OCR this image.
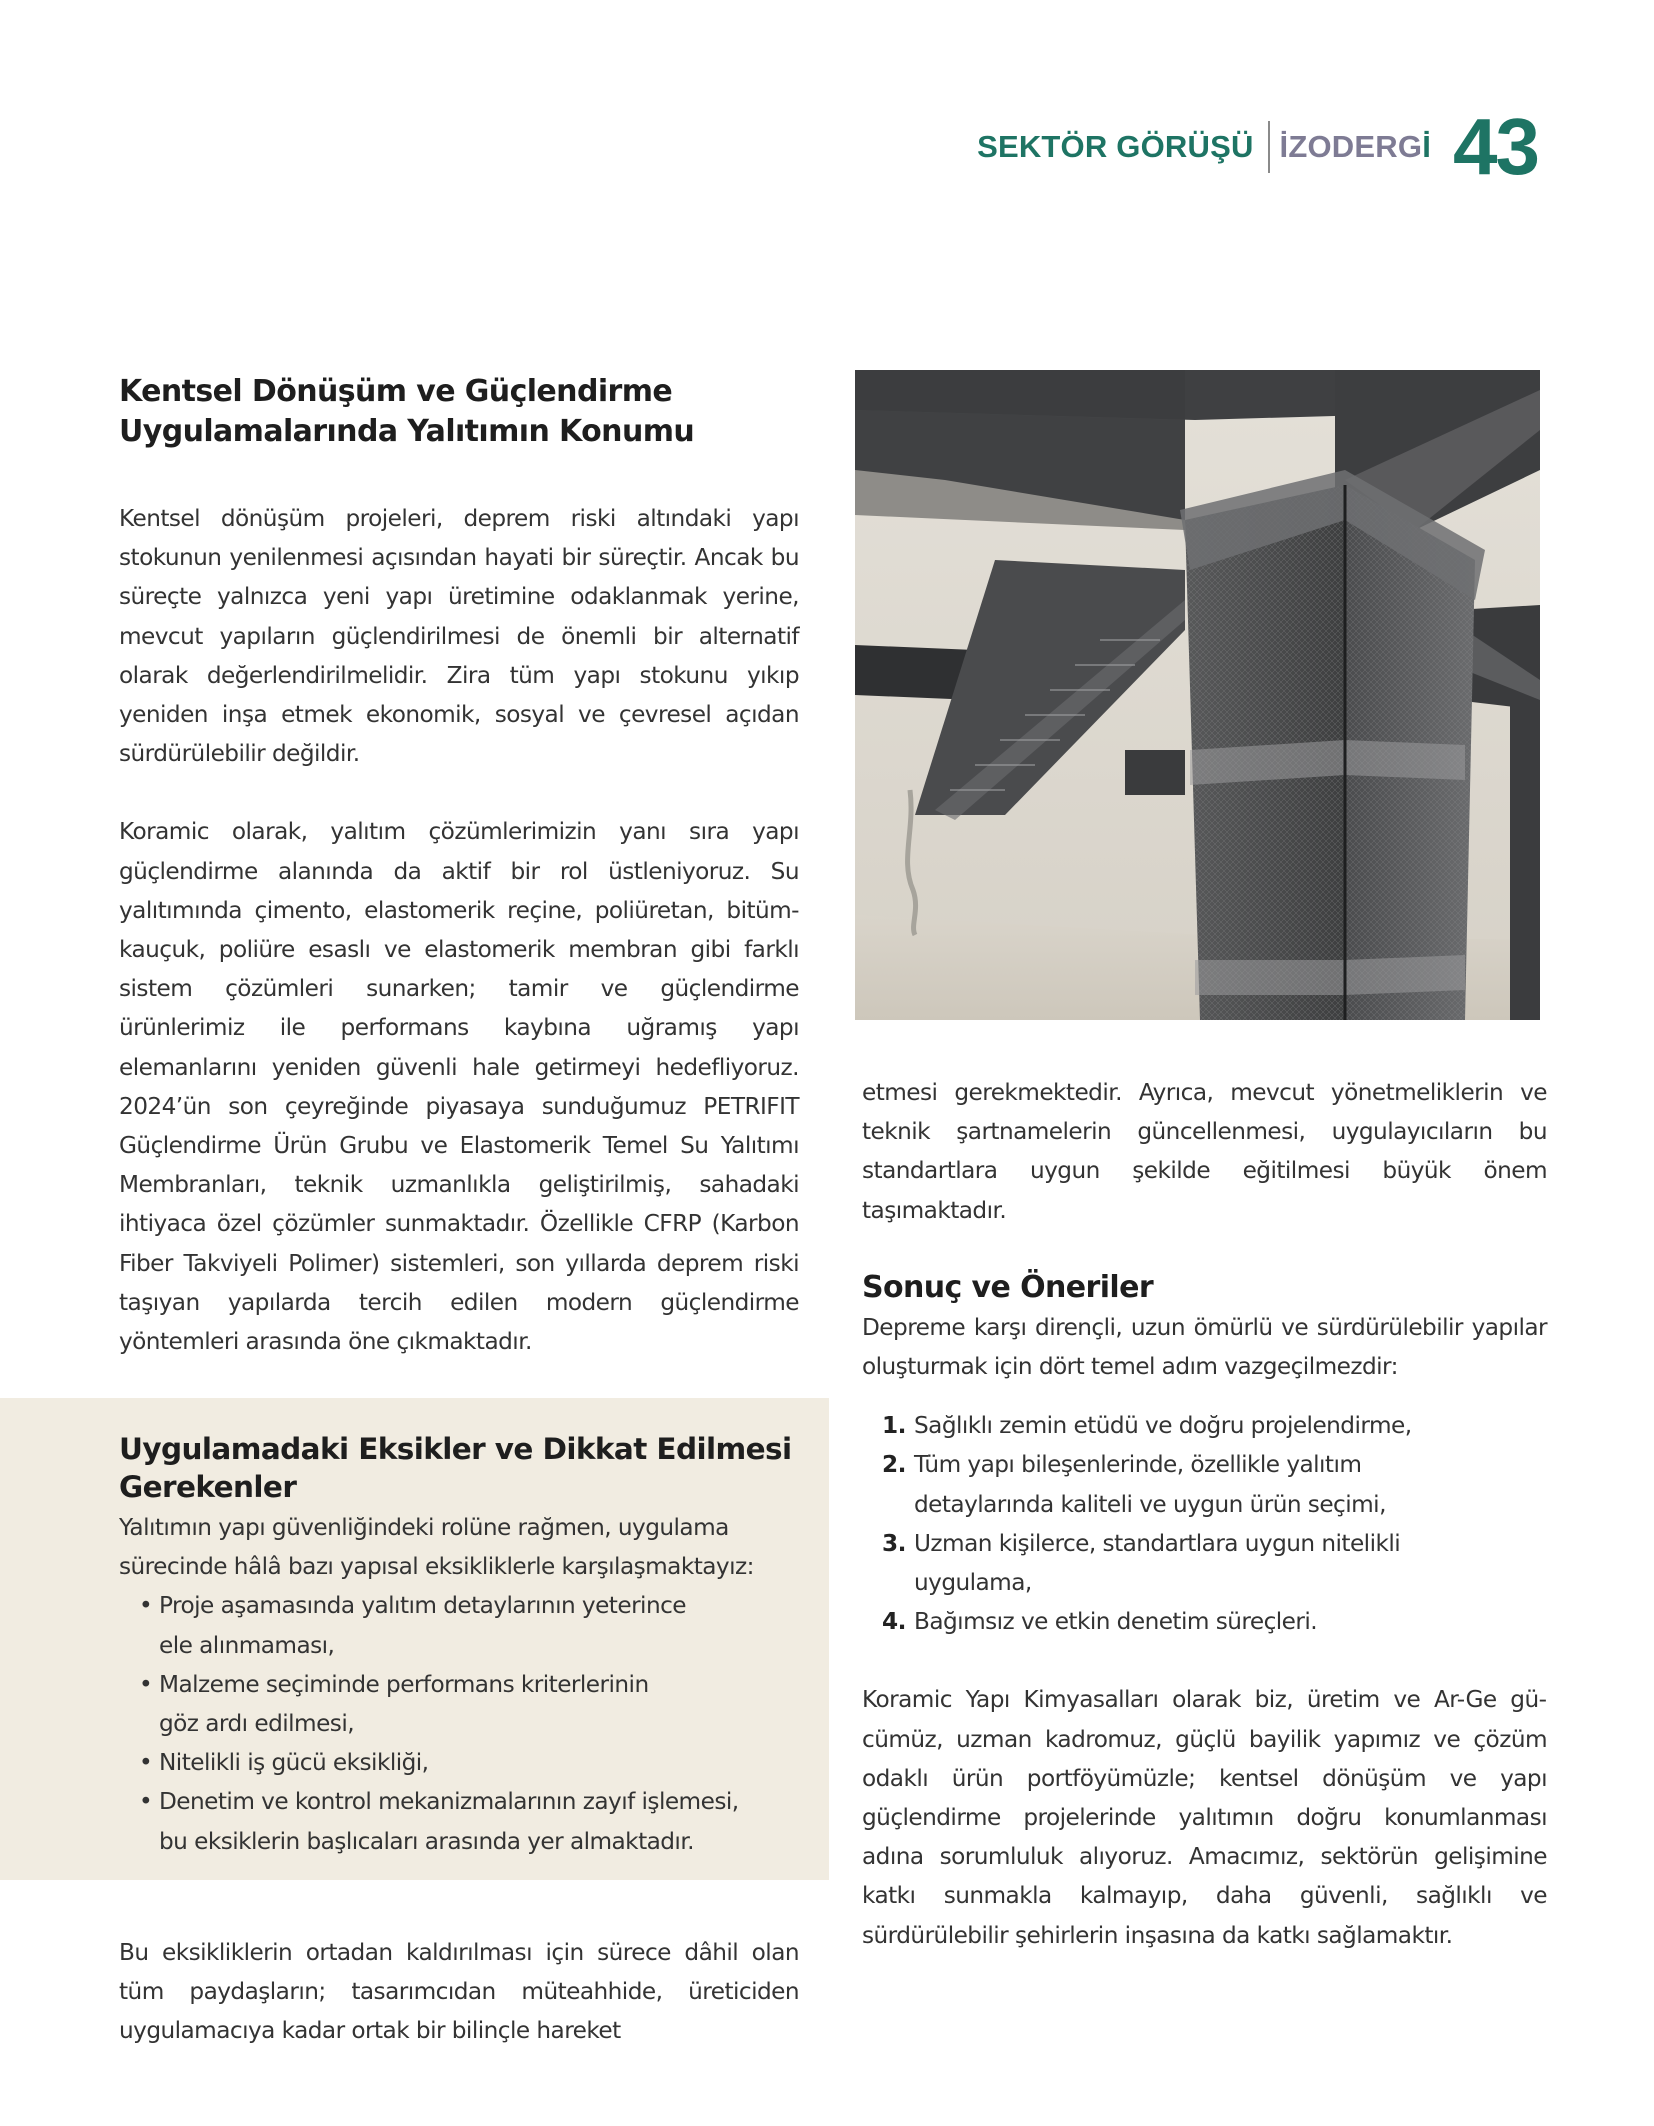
SEKTÖR GÖRÜŞÜ İZODERGİ 43
Kentsel Dönüşüm ve Güçlendirme
Uygulamalarında Yalıtımın Konumu

Kentsel dönüşüm projeleri, deprem riski altındaki yapı stokunun yenilenmesi açısından hayati bir süreçtir. Ancak bu süreçte yalnızca yeni yapı üretimine odaklanmak yerine, mevcut yapıların güçlendirilmesi de önemli bir alternatif olarak değerlendirilmelidir. Zira tüm yapı stokunu yıkıp yeniden inşa etmek ekonomik, sosyal ve çevresel açıdan sürdürülebilir değildir.

Koramic olarak, yalıtım çözümlerimizin yanı sıra yapı güçlendirme alanında da aktif bir rol üstleniyoruz. Su yalıtımında çimento, elastomerik reçine, poliüretan, bitüm-kauçuk, poliüre esaslı ve elastomerik membran gibi farklı sistem çözümleri sunarken; tamir ve güçlendirme ürünlerimiz ile performans kaybına uğramış yapı elemanlarını yeniden güvenli hale getirmeyi hedefliyoruz. 2024’ün son çeyreğinde piyasaya sunduğumuz PETRIFIT Güçlendirme Ürün Grubu ve Elastomerik Temel Su Yalıtımı Membranları, teknik uzmanlıkla geliştirilmiş, sahadaki ihtiyaca özel çözümler sunmaktadır. Özellikle CFRP (Karbon Fiber Takviyeli Polimer) sistemleri, son yıllarda deprem riski taşıyan yapılarda tercih edilen modern güçlendirme yöntemleri arasında öne çıkmaktadır.

Uygulamadaki Eksikler ve Dikkat Edilmesi
Gerekenler

Yalıtımın yapı güvenliğindeki rolüne rağmen, uygulama sürecinde hâlâ bazı yapısal eksikliklerle karşılaşmaktayız:

• Proje aşamasında yalıtım detaylarının yeterince
ele alınmaması,
• Malzeme seçiminde performans kriterlerinin
göz ardı edilmesi,
• Nitelikli iş gücü eksikliği,
• Denetim ve kontrol mekanizmalarının zayıf işlemesi,
bu eksiklerin başlıcaları arasında yer almaktadır.

Bu eksikliklerin ortadan kaldırılması için sürece dâhil olan tüm paydaşların; tasarımcıdan müteahhide, üreticiden uygulamacıya kadar ortak bir bilinçle hareket

etmesi gerekmektedir. Ayrıca, mevcut yönetmeliklerin ve teknik şartnamelerin güncellenmesi, uygulayıcıların bu standartlara uygun şekilde eğitilmesi büyük önem taşımaktadır.

Sonuç ve Öneriler

Depreme karşı dirençli, uzun ömürlü ve sürdürülebilir yapılar oluşturmak için dört temel adım vazgeçilmezdir:

1. Sağlıklı zemin etüdü ve doğru projelendirme,
2. Tüm yapı bileşenlerinde, özellikle yalıtım
detaylarında kaliteli ve uygun ürün seçimi,
3. Uzman kişilerce, standartlara uygun nitelikli
uygulama,
4. Bağımsız ve etkin denetim süreçleri.

Koramic Yapı Kimyasalları olarak biz, üretim ve Ar-Ge gücümüz, uzman kadromuz, güçlü bayilik yapımız ve çözüm odaklı ürün portföyümüzle; kentsel dönüşüm ve yapı güçlendirme projelerinde yalıtımın doğru konumlanması adına sorumluluk alıyoruz. Amacımız, sektörün gelişimine katkı sunmakla kalmayıp, daha güvenli, sağlıklı ve sürdürülebilir şehirlerin inşasına da katkı sağlamaktır.
